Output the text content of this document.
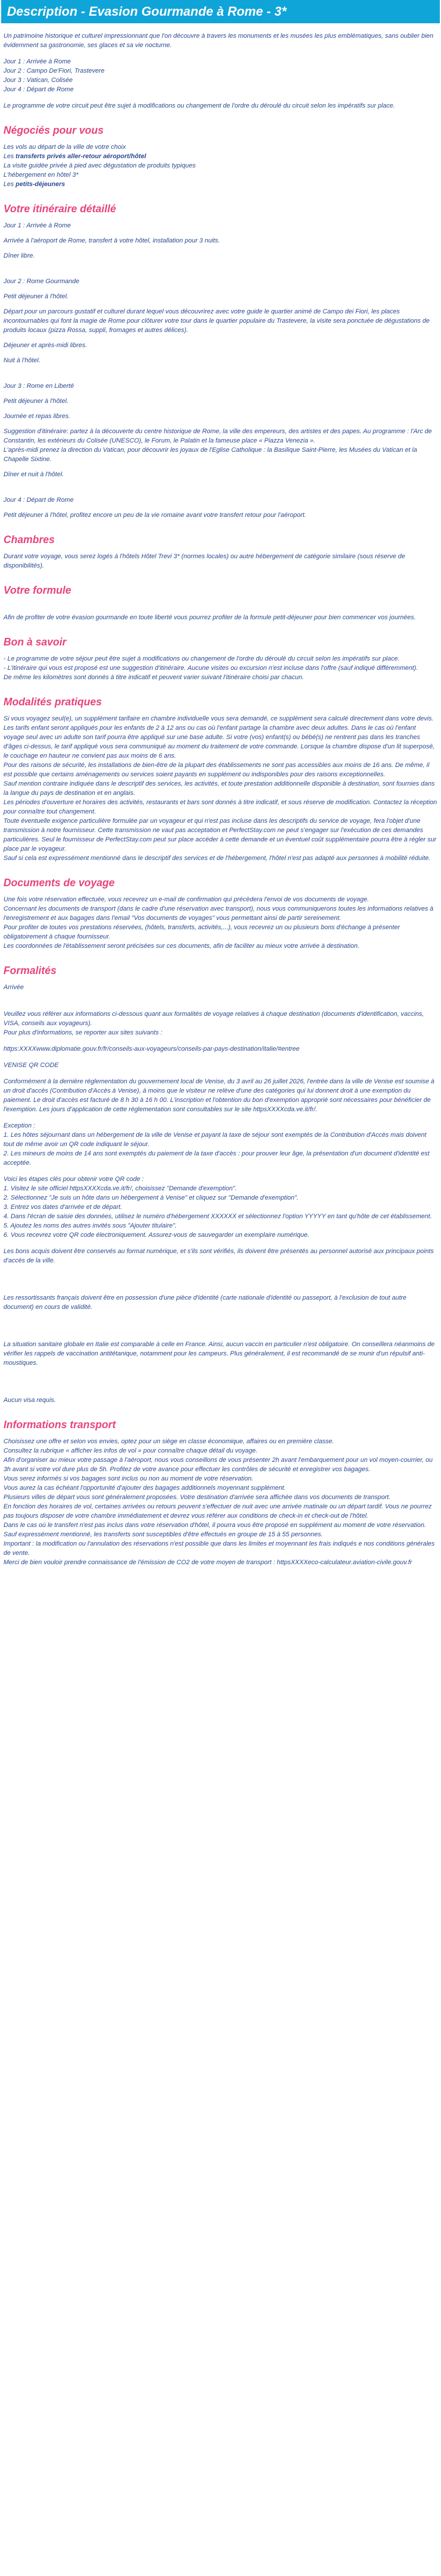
Description - Evasion Gourmande à Rome - 3*

Un patrimoine historique et culturel impressionnant que l'on découvre à travers les monuments et les musées les plus emblématiques, sans oublier bien évidemment sa gastronomie, ses glaces et sa vie nocturne.

Jour 1 : Arrivée à Rome
Jour 2 : Campo De'Fiori, Trastevere
Jour 3 : Vatican, Colisée
Jour 4 : Départ de Rome

Le programme de votre circuit peut être sujet à modifications ou changement de l'ordre du déroulé du circuit selon les impératifs sur place.

Négociés pour vous
Les vols au départ de la ville de votre choix
Les transferts privés aller-retour aéroport/hôtel
La visite guidée privée à pied avec dégustation de produits typiques
L'hébergement en hôtel 3*
Les petits-déjeuners
Votre itinéraire détaillé

Jour 1 : Arrivée à Rome

Arrivée à l'aéroport de Rome, transfert à votre hôtel, installation pour 3 nuits.

Dîner libre.

Jour 2 : Rome Gourmande

Petit déjeuner à l'hôtel.

Départ pour un parcours gustatif et culturel durant lequel vous découvrirez avec votre guide le quartier animé de Campo dei Fiori, les places incontournables qui font la magie de Rome pour clôturer votre tour dans le quartier populaire du Trastevere, la visite sera ponctuée de dégustations de produits locaux (pizza Rossa, suppli, fromages et autres délices).

Déjeuner et après-midi libres.

Nuit à l'hôtel.

Jour 3 : Rome en Liberté

Petit déjeuner à l'hôtel.

Journée et repas libres.

Suggestion d'itinéraire: partez à la découverte du centre historique de Rome, la ville des empereurs, des artistes et des papes. Au programme : l'Arc de Constantin, les extérieurs du Colisée (UNESCO), le Forum, le Palatin et la fameuse place « Piazza Venezia ».
L'après-midi prenez la direction du Vatican, pour découvrir les joyaux de l'Eglise Catholique : la Basilique Saint-Pierre, les Musées du Vatican et la Chapelle Sixtine.

Dîner et nuit à l'hôtel.

Jour 4 : Départ de Rome

Petit déjeuner à l'hôtel, profitez encore un peu de la vie romaine avant votre transfert retour pour l'aéroport.

Chambres

Durant votre voyage, vous serez logés à l'hôtels Hôtel Trevi 3* (normes locales) ou autre hébergement de catégorie similaire (sous réserve de disponibilités).

Votre formule

Afin de profiter de votre évasion gourmande en toute liberté vous pourrez profiter de la formule petit-déjeuner pour bien commencer vos journées.

Bon à savoir

- Le programme de votre séjour peut être sujet à modifications ou changement de l'ordre du déroulé du circuit selon les impératifs sur place.
- L'itinéraire qui vous est proposé est une suggestion d'itinéraire. Aucune visites ou excursion n'est incluse dans l'offre (sauf indiqué différemment).
De même les kilomètres sont donnés à titre indicatif et peuvent varier suivant l'itinéraire choisi par chacun.

Modalités pratiques

Si vous voyagez seul(e), un supplément tarifaire en chambre individuelle vous sera demandé, ce supplément sera calculé directement dans votre devis.
Les tarifs enfant seront appliqués pour les enfants de 2 à 12 ans ou cas où l'enfant partage la chambre avec deux adultes. Dans le cas où l'enfant voyage seul avec un adulte son tarif pourra être appliqué sur une base adulte. Si votre (vos) enfant(s) ou bébé(s) ne rentrent pas dans les tranches d'âges ci-dessus, le tarif appliqué vous sera communiqué au moment du traitement de votre commande. Lorsque la chambre dispose d'un lit superposé, le couchage en hauteur ne convient pas aux moins de 6 ans.
Pour des raisons de sécurité, les installations de bien-être de la plupart des établissements ne sont pas accessibles aux moins de 16 ans. De même, il est possible que certains aménagements ou services soient payants en supplément ou indisponibles pour des raisons exceptionnelles.
Sauf mention contraire indiquée dans le descriptif des services, les activités, et toute prestation additionnelle disponible à destination, sont fournies dans la langue du pays de destination et en anglais.
Les périodes d'ouverture et horaires des activités, restaurants et bars sont donnés à titre indicatif, et sous réserve de modification. Contactez la réception pour connaître tout changement.
Toute éventuelle exigence particulière formulée par un voyageur et qui n'est pas incluse dans les descriptifs du service de voyage, fera l'objet d'une transmission à notre fournisseur. Cette transmission ne vaut pas acceptation et PerfectStay.com ne peut s'engager sur l'exécution de ces demandes particulières. Seul le fournisseur de PerfectStay.com peut sur place accéder à cette demande et un éventuel coût supplémentaire pourra être à régler sur place par le voyageur.
Sauf si cela est expressément mentionné dans le descriptif des services et de l'hébergement, l'hôtel n'est pas adapté aux personnes à mobilité réduite.

Documents de voyage

Une fois votre réservation effectuée, vous recevrez un e-mail de confirmation qui précèdera l'envoi de vos documents de voyage.
Concernant les documents de transport (dans le cadre d'une réservation avec transport), nous vous communiquerons toutes les informations relatives à l'enregistrement et aux bagages dans l'email "Vos documents de voyages" vous permettant ainsi de partir sereinement.
Pour profiter de toutes vos prestations réservées, (hôtels, transferts, activités,...), vous recevrez un ou plusieurs bons d'échange à présenter obligatoirement à chaque fournisseur.
Les coordonnées de l'établissement seront précisées sur ces documents, afin de faciliter au mieux votre arrivée à destination.

Formalités

Arrivée

Veuillez vous référer aux informations ci-dessous quant aux formalités de voyage relatives à chaque destination (documents d'identification, vaccins, VISA, conseils aux voyageurs).
Pour plus d'informations, se reporter aux sites suivants :

https:XXXXwww.diplomatie.gouv.fr/fr/conseils-aux-voyageurs/conseils-par-pays-destination/italie/#entree

VENISE QR CODE

Conformément à la dernière réglementation du gouvernement local de Venise, du 3 avril au 26 juillet 2026, l'entrée dans la ville de Venise est soumise à un droit d'accès (Contribution d'Accès à Venise), à moins que le visiteur ne relève d'une des catégories qui lui donnent droit à une exemption du paiement. Le droit d'accès est facturé de 8 h 30 à 16 h 00. L'inscription et l'obtention du bon d'exemption approprié sont nécessaires pour bénéficier de l'exemption. Les jours d'application de cette réglementation sont consultables sur le site httpsXXXXcda.ve.it/fr/.

Exception :
1. Les hôtes séjournant dans un hébergement de la ville de Venise et payant la taxe de séjour sont exemptés de la Contribution d'Accès mais doivent tout de même avoir un QR code indiquant le séjour.
2. Les mineurs de moins de 14 ans sont exemptés du paiement de la taxe d'accès : pour prouver leur âge, la présentation d'un document d'identité est acceptée.

Voici les étapes clés pour obtenir votre QR code :
1. Visitez le site officiel httpsXXXXcda.ve.it/fr/, choisissez "Demande d'exemption".
2. Sélectionnez "Je suis un hôte dans un hébergement à Venise" et cliquez sur "Demande d'exemption".
3. Entrez vos dates d'arrivée et de départ.
4. Dans l'écran de saisie des données, utilisez le numéro d'hébergement XXXXXX et sélectionnez l'option YYYYY en tant qu'hôte de cet établissement.
5. Ajoutez les noms des autres invités sous "Ajouter titulaire".
6. Vous recevrez votre QR code électroniquement. Assurez-vous de sauvegarder un exemplaire numérique.

Les bons acquis doivent être conservés au format numérique, et s'ils sont vérifiés, ils doivent être présentés au personnel autorisé aux principaux points d'accès de la ville.

Les ressortissants français doivent être en possession d'une pièce d'identité (carte nationale d'identité ou passeport, à l'exclusion de tout autre document) en cours de validité.

La situation sanitaire globale en Italie est comparable à celle en France. Ainsi, aucun vaccin en particulier n'est obligatoire. On conseillera néanmoins de vérifier les rappels de vaccination antitétanique, notamment pour les campeurs. Plus généralement, il est recommandé de se munir d'un répulsif anti-moustiques.

Aucun visa requis.

Informations transport

Choisissez une offre et selon vos envies, optez pour un siège en classe économique, affaires ou en première classe.
Consultez la rubrique « afficher les infos de vol » pour connaître chaque détail du voyage.
Afin d'organiser au mieux votre passage à l'aéroport, nous vous conseillons de vous présenter 2h avant l'embarquement pour un vol moyen-courrier, ou 3h avant si votre vol dure plus de 5h. Profitez de votre avance pour effectuer les contrôles de sécurité et enregistrer vos bagages.
Vous serez informés si vos bagages sont inclus ou non au moment de votre réservation.
Vous aurez la cas échéant l'opportunité d'ajouter des bagages additionnels moyennant supplément.
Plusieurs villes de départ vous sont généralement proposées. Votre destination d'arrivée sera affichée dans vos documents de transport.
En fonction des horaires de vol, certaines arrivées ou retours peuvent s'effectuer de nuit avec une arrivée matinale ou un départ tardif. Vous ne pourrez pas toujours disposer de votre chambre immédiatement et devrez vous référer aux conditions de check-in et check-out de l'hôtel.
Dans le cas où le transfert n'est pas inclus dans votre réservation d'hôtel, il pourra vous être proposé en supplément au moment de votre réservation. Sauf expressément mentionné, les transferts sont susceptibles d'être effectués en groupe de 15 à 55 personnes.
Important : la modification ou l'annulation des réservations n'est possible que dans les limites et moyennant les frais indiqués e nos conditions générales de vente.
Merci de bien vouloir prendre connaissance de l'émission de CO2 de votre moyen de transport : httpsXXXXeco-calculateur.aviation-civile.gouv.fr
